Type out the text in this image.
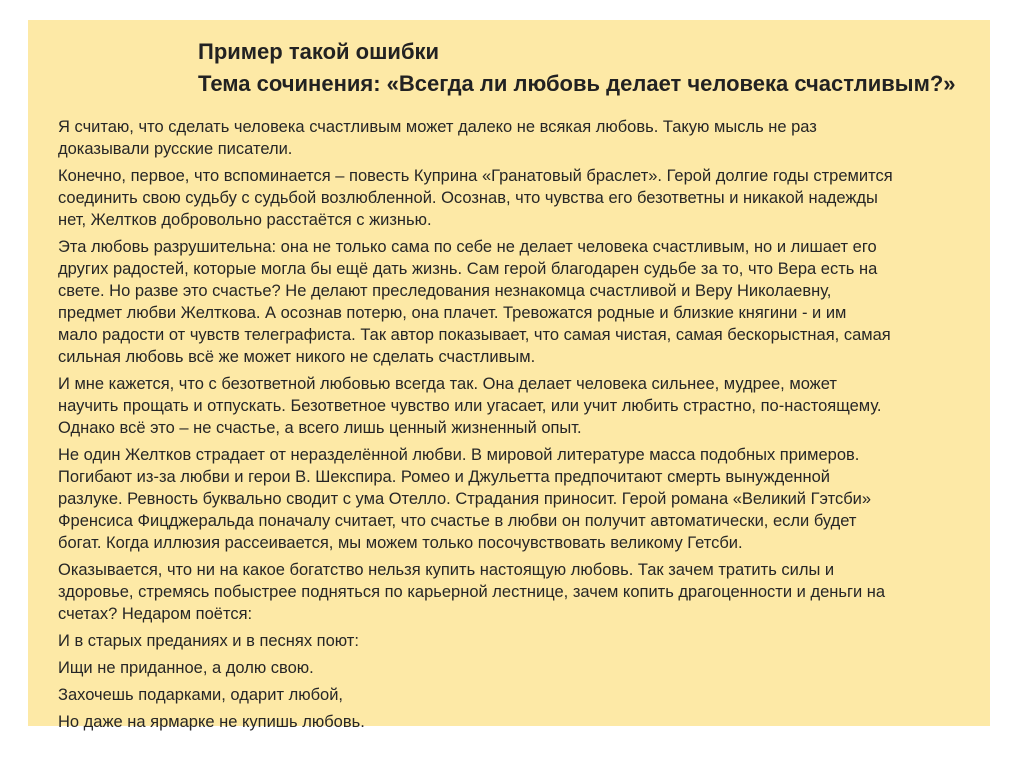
Пример такой ошибки
Тема сочинения: «Всегда ли любовь делает человека счастливым?»

Я считаю, что сделать человека счастливым может далеко не всякая любовь. Такую мысль не раз
доказывали русские писатели.

Конечно, первое, что вспоминается – повесть Куприна «Гранатовый браслет». Герой долгие годы стремится
соединить свою судьбу с судьбой возлюбленной. Осознав, что чувства его безответны и никакой надежды
нет, Желтков добровольно расстаётся с жизнью.

Эта любовь разрушительна: она не только сама по себе не делает человека счастливым, но и лишает его
других радостей, которые могла бы ещё дать жизнь. Сам герой благодарен судьбе за то, что Вера есть на
свете. Но разве это счастье? Не делают преследования незнакомца счастливой и Веру Николаевну,
предмет любви Желткова. А осознав потерю, она плачет. Тревожатся родные и близкие княгини - и им
мало радости от чувств телеграфиста. Так автор показывает, что самая чистая, самая бескорыстная, самая
сильная любовь всё же может никого не сделать счастливым.

И мне кажется, что с безответной любовью всегда так. Она делает человека сильнее, мудрее, может
научить прощать и отпускать. Безответное чувство или угасает, или учит любить страстно, по-настоящему.
Однако всё это – не счастье, а всего лишь ценный жизненный опыт.

Не один Желтков страдает от неразделённой любви. В мировой литературе масса подобных примеров.
Погибают из-за любви и герои В. Шекспира. Ромео и Джульетта предпочитают смерть вынужденной
разлуке. Ревность буквально сводит с ума Отелло. Страдания приносит. Герой романа «Великий Гэтсби»
Френсиса Фицджеральда поначалу считает, что счастье в любви он получит автоматически, если будет
богат. Когда иллюзия рассеивается, мы можем только посочувствовать великому Гетсби.

Оказывается, что ни на какое богатство нельзя купить настоящую любовь. Так зачем тратить силы и
здоровье, стремясь побыстрее подняться по карьерной лестнице, зачем копить драгоценности и деньги на
счетах? Недаром поётся:

И в старых преданиях и в песнях поют:

Ищи не приданное, а долю свою.

Захочешь подарками, одарит любой,

Но даже на ярмарке не купишь любовь.
